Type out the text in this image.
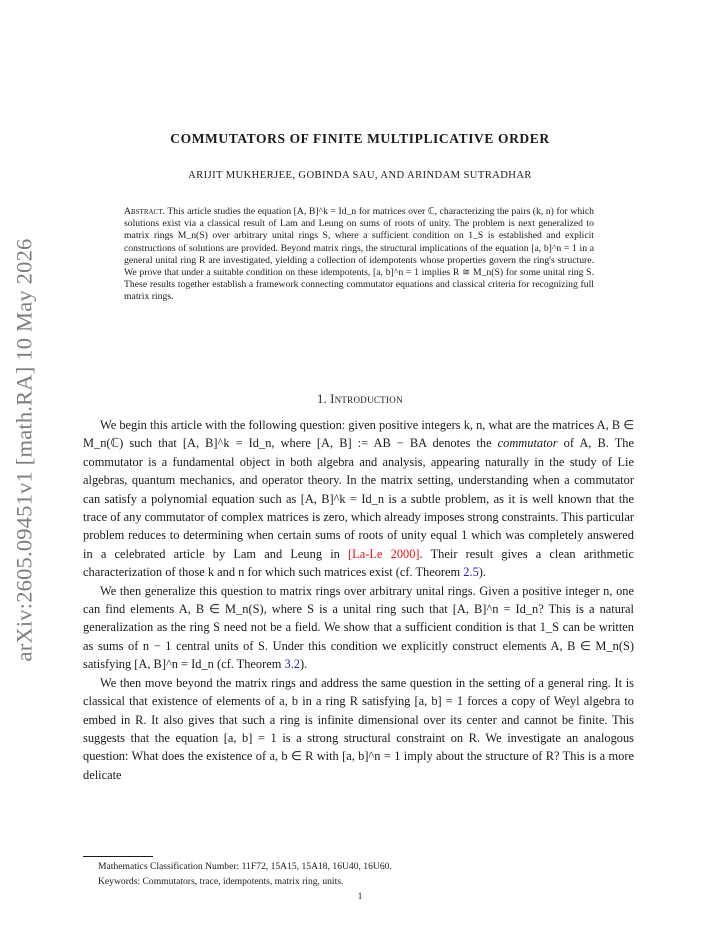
arXiv:2605.09451v1 [math.RA] 10 May 2026
COMMUTATORS OF FINITE MULTIPLICATIVE ORDER
ARIJIT MUKHERJEE, GOBINDA SAU, AND ARINDAM SUTRADHAR
Abstract. This article studies the equation [A, B]^k = Id_n for matrices over ℂ, characterizing the pairs (k, n) for which solutions exist via a classical result of Lam and Leung on sums of roots of unity. The problem is next generalized to matrix rings M_n(S) over arbitrary unital rings S, where a sufficient condition on 1_S is established and explicit constructions of solutions are provided. Beyond matrix rings, the structural implications of the equation [a, b]^n = 1 in a general unital ring R are investigated, yielding a collection of idempotents whose properties govern the ring's structure. We prove that under a suitable condition on these idempotents, [a, b]^n = 1 implies R ≅ M_n(S) for some unital ring S. These results together establish a framework connecting commutator equations and classical criteria for recognizing full matrix rings.
1. Introduction

We begin this article with the following question: given positive integers k, n, what are the matrices A, B ∈ M_n(ℂ) such that [A, B]^k = Id_n, where [A, B] := AB − BA denotes the commutator of A, B. The commutator is a fundamental object in both algebra and analysis, appearing naturally in the study of Lie algebras, quantum mechanics, and operator theory. In the matrix setting, understanding when a commutator can satisfy a polynomial equation such as [A, B]^k = Id_n is a subtle problem, as it is well known that the trace of any commutator of complex matrices is zero, which already imposes strong constraints. This particular problem reduces to determining when certain sums of roots of unity equal 1 which was completely answered in a celebrated article by Lam and Leung in [La-Le 2000]. Their result gives a clean arithmetic characterization of those k and n for which such matrices exist (cf. Theorem 2.5).

We then generalize this question to matrix rings over arbitrary unital rings. Given a positive integer n, one can find elements A, B ∈ M_n(S), where S is a unital ring such that [A, B]^n = Id_n? This is a natural generalization as the ring S need not be a field. We show that a sufficient condition is that 1_S can be written as sums of n − 1 central units of S. Under this condition we explicitly construct elements A, B ∈ M_n(S) satisfying [A, B]^n = Id_n (cf. Theorem 3.2).

We then move beyond the matrix rings and address the same question in the setting of a general ring. It is classical that existence of elements of a, b in a ring R satisfying [a, b] = 1 forces a copy of Weyl algebra to embed in R. It also gives that such a ring is infinite dimensional over its center and cannot be finite. This suggests that the equation [a, b] = 1 is a strong structural constraint on R. We investigate an analogous question: What does the existence of a, b ∈ R with [a, b]^n = 1 imply about the structure of R? This is a more delicate

Mathematics Classification Number: 11F72, 15A15, 15A18, 16U40, 16U60.
Keywords: Commutators, trace, idempotents, matrix ring, units.
1
